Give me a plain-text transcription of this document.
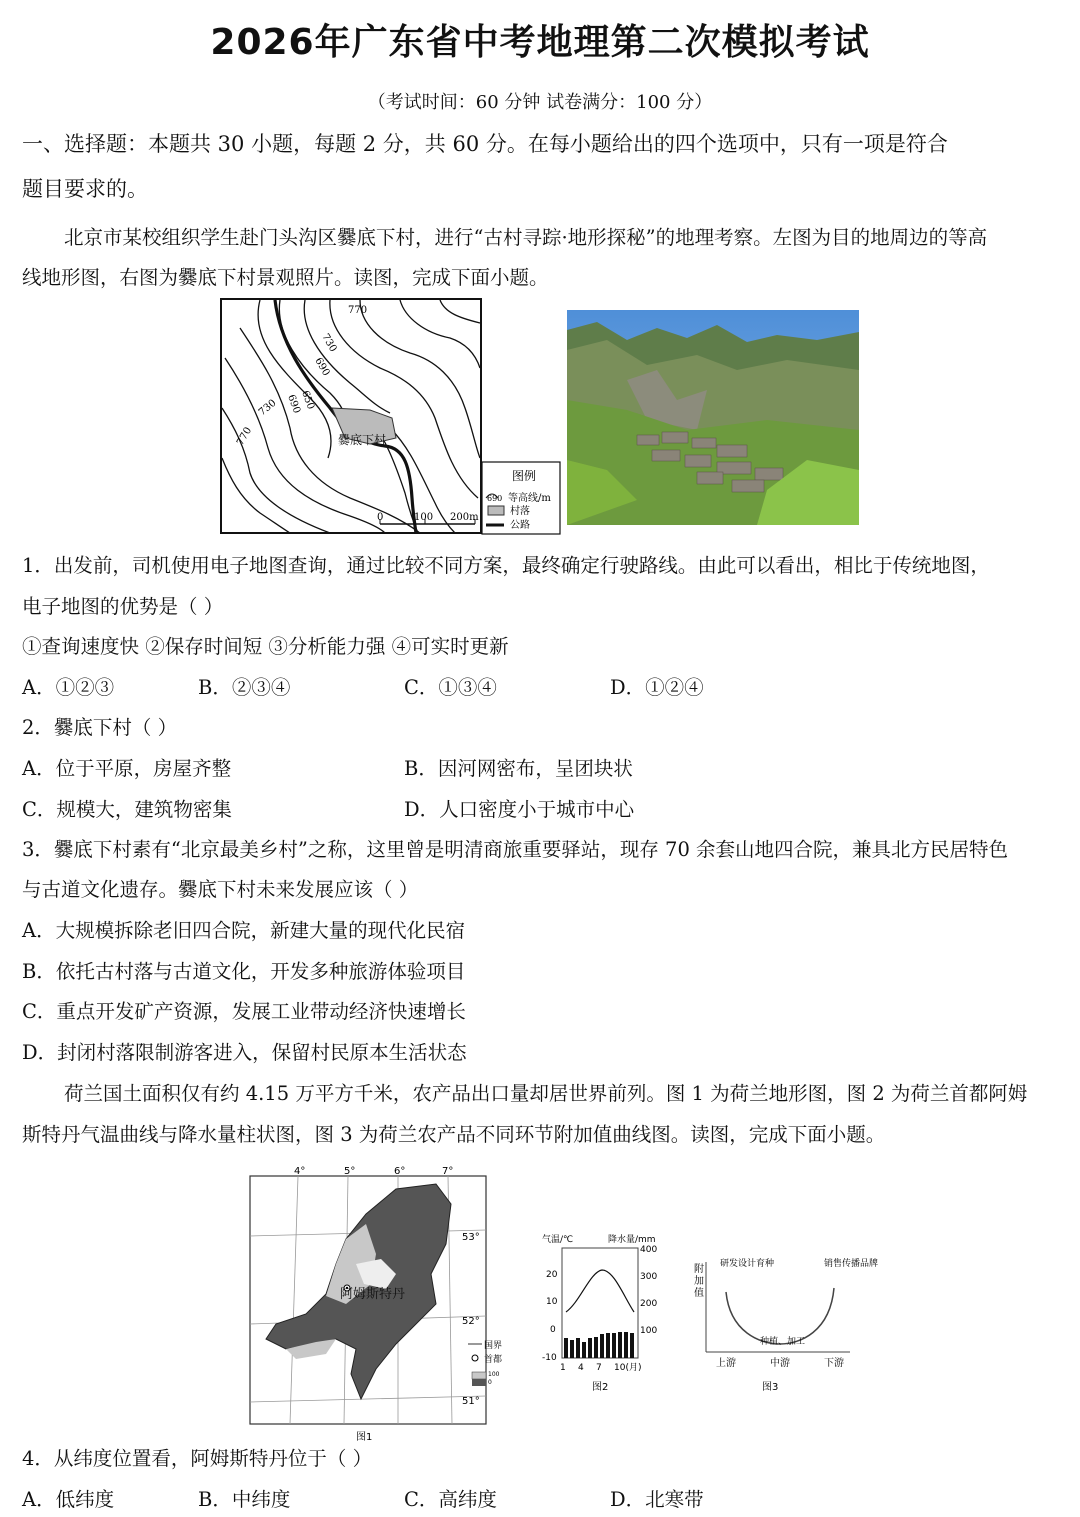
2026年广东省中考地理第二次模拟考试
（考试时间：60 分钟 试卷满分：100 分）
一、选择题：本题共 30 小题，每题 2 分，共 60 分。在每小题给出的四个选项中，只有一项是符合
题目要求的。
北京市某校组织学生赴门头沟区爨底下村，进行“古村寻踪·地形探秘”的地理考察。左图为目的地周边的等高
线地形图，右图为爨底下村景观照片。读图，完成下面小题。
爨底下村
770
730
690
650
690
730
770
0	100 200m
图例
690 等高线/m
村落
公路
1．出发前，司机使用电子地图查询，通过比较不同方案，最终确定行驶路线。由此可以看出，相比于传统地图，
电子地图的优势是（ ）
①查询速度快 ②保存时间短 ③分析能力强 ④可实时更新
A．①②③	B．②③④	C．①③④	D．①②④
2．爨底下村（ ）
A．位于平原，房屋齐整	B．因河网密布，呈团块状
C．规模大，建筑物密集	D．人口密度小于城市中心
3．爨底下村素有“北京最美乡村”之称，这里曾是明清商旅重要驿站，现存 70 余套山地四合院，兼具北方民居特色
与古道文化遗存。爨底下村未来发展应该（ ）
A．大规模拆除老旧四合院，新建大量的现代化民宿
B．依托古村落与古道文化，开发多种旅游体验项目
C．重点开发矿产资源，发展工业带动经济快速增长
D．封闭村落限制游客进入，保留村民原本生活状态
荷兰国土面积仅有约 4.15 万平方千米，农产品出口量却居世界前列。图 1 为荷兰地形图，图 2 为荷兰首都阿姆
斯特丹气温曲线与降水量柱状图，图 3 为荷兰农产品不同环节附加值曲线图。读图，完成下面小题。
阿姆斯特丹
4°	5°	6°	7°
53°
52°
51°
国界
首都
100
0
图1
气温/℃	降水量/mm
20
10
0
-10
400
300
200
100
1 4 7 10(月)
图2
附加值
研发设计育种
种植、加工
销售传播品牌
上游	中游	下游
图3
4．从纬度位置看，阿姆斯特丹位于（ ）
A．低纬度	B．中纬度	C．高纬度	D．北寒带
